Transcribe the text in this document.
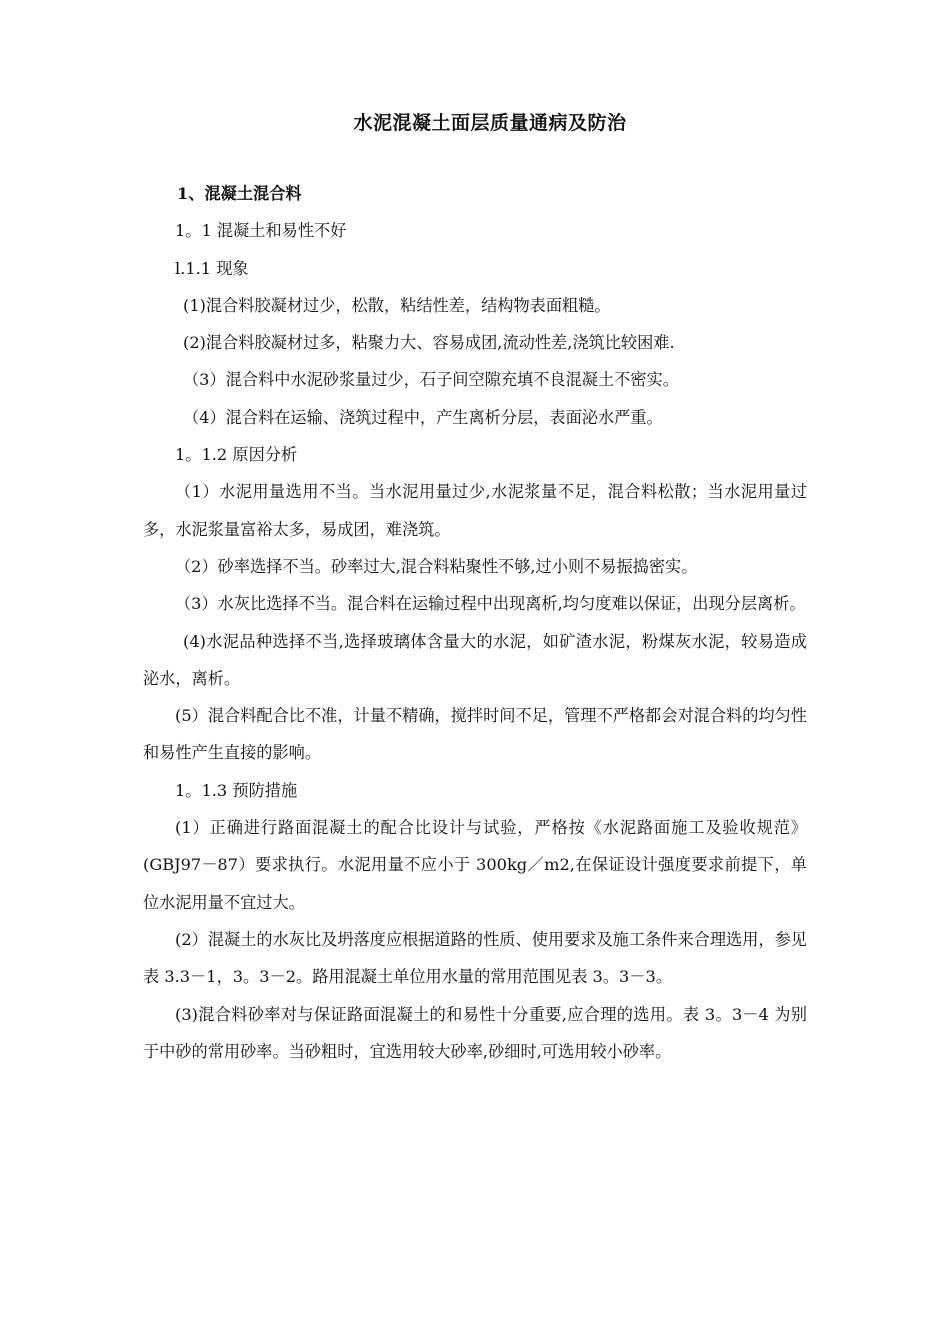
水泥混凝土面层质量通病及防治

1、混凝土混合料

1。1 混凝土和易性不好

l.1.1 现象

(1)混合料胶凝材过少，松散，粘结性差，结构物表面粗糙。

(2)混合料胶凝材过多，粘聚力大、容易成团,流动性差,浇筑比较困难.

（3）混合料中水泥砂浆量过少，石子间空隙充填不良混凝土不密实。

（4）混合料在运输、浇筑过程中，产生离析分层，表面泌水严重。

1。1.2 原因分析

（1）水泥用量选用不当。当水泥用量过少,水泥浆量不足，混合料松散；当水泥用量过多，水泥浆量富裕太多，易成团，难浇筑。

（2）砂率选择不当。砂率过大,混合料粘聚性不够,过小则不易振捣密实。

（3）水灰比选择不当。混合料在运输过程中出现离析,均匀度难以保证，出现分层离析。

(4)水泥品种选择不当,选择玻璃体含量大的水泥，如矿渣水泥，粉煤灰水泥，较易造成泌水，离析。

(5）混合料配合比不准，计量不精确，搅拌时间不足，管理不严格都会对混合料的均匀性和易性产生直接的影响。

1。1.3 预防措施

(1）正确进行路面混凝土的配合比设计与试验，严格按《水泥路面施工及验收规范》(GBJ97－87）要求执行。水泥用量不应小于 300kg／m2,在保证设计强度要求前提下，单位水泥用量不宜过大。

(2）混凝土的水灰比及坍落度应根据道路的性质、使用要求及施工条件来合理选用，参见表 3.3－1，3。3－2。路用混凝土单位用水量的常用范围见表 3。3－3。

(3)混合料砂率对与保证路面混凝土的和易性十分重要,应合理的选用。表 3。3－4 为别于中砂的常用砂率。当砂粗时，宜选用较大砂率,砂细时,可选用较小砂率。
